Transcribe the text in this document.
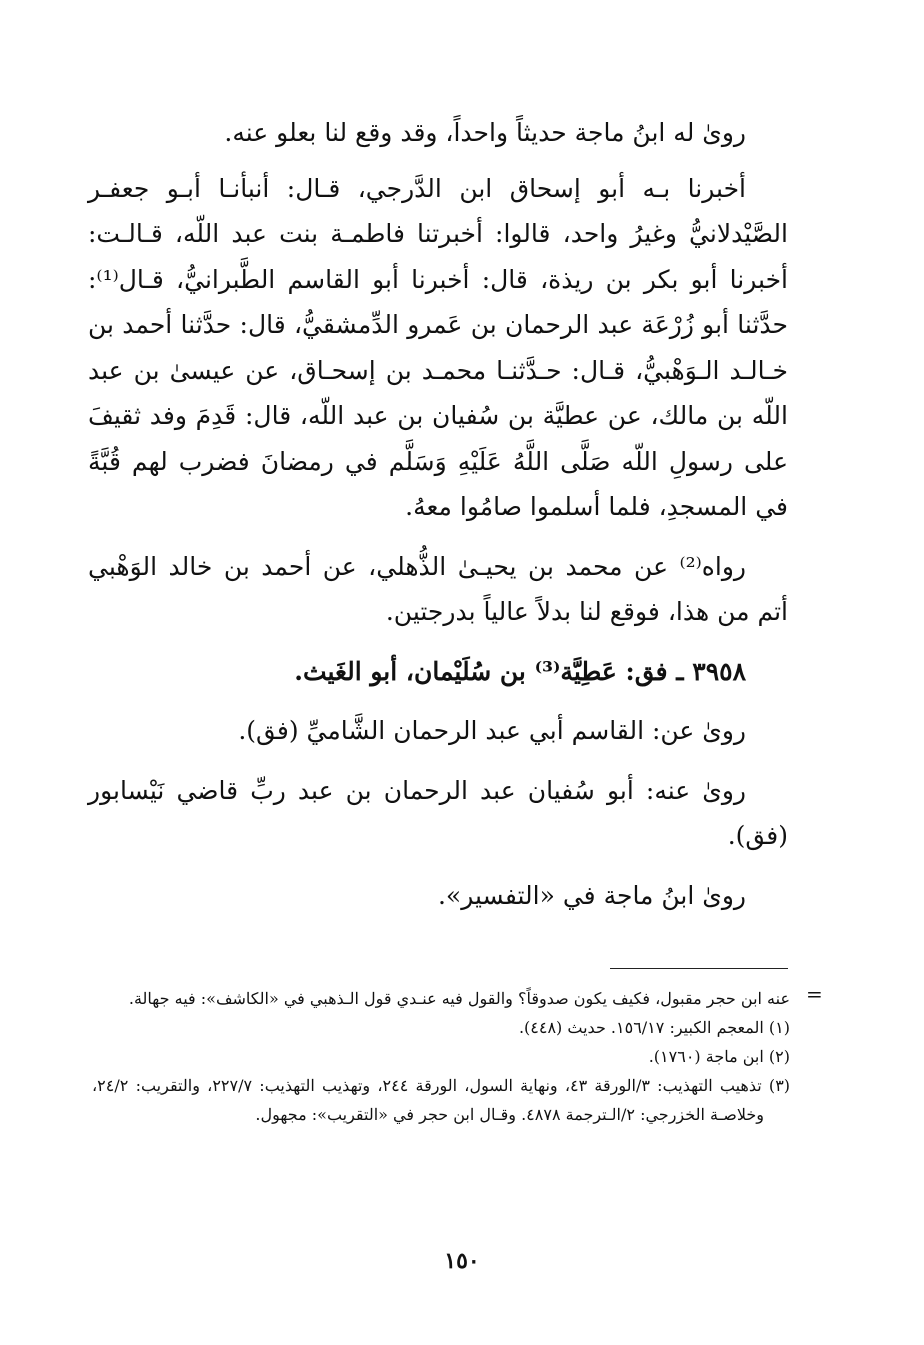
رویٰ له ابنُ ماجة حديثاً واحداً، وقد وقع لنا بعلو عنه.

أخبرنا بـه أبو إسحاق ابن الدَّرجي، قـال: أنبأنـا أبـو جعفـر الصَّيْدلانيُّ وغيرُ واحد، قالوا: أخبرتنا فاطمـة بنت عبد اللّه، قـالـت: أخبرنا أبو بكر بن ريذة، قال: أخبرنا أبو القاسم الطَّبرانيُّ، قـال⁽¹⁾: حدَّثنا أبو زُرْعَة عبد الرحمان بن عَمرو الدِّمشقيُّ، قال: حدَّثنا أحمد بن خـالـد الـوَهْبيُّ، قـال: حـدَّثنـا محمـد بن إسحـاق، عن عيسىٰ بن عبد اللّه بن مالك، عن عطيَّة بن سُفيان بن عبد اللّه، قال: قَدِمَ وفد ثقيفَ على رسولِ اللّه صَلَّى اللَّهُ عَلَيْهِ وَسَلَّم في رمضانَ فضرب لهم قُبَّةً في المسجدِ، فلما أسلموا صامُوا معهُ.

رواه⁽²⁾ عن محمد بن يحيـىٰ الذُّهلي، عن أحمد بن خالد الوَهْبي أتم من هذا، فوقع لنا بدلاً عالياً بدرجتين.

٣٩٥٨ ـ فق: عَطِيَّة⁽³⁾ بن سُلَيْمان، أبو الغَيث.

رویٰ عن: القاسم أبي عبد الرحمان الشَّاميِّ (فق).

رویٰ عنه: أبو سُفيان عبد الرحمان بن عبد ربِّ قاضي نَيْسابور (فق).

رویٰ ابنُ ماجة في «التفسير».

=

عنه ابن حجر مقبول، فكيف يكون صدوقاً؟ والقول فيه عنـدي قول الـذهبي في «الكاشف»: فيه جهالة.

(١) المعجم الكبير: ١٥٦/١٧. حديث (٤٤٨).

(٢) ابن ماجة (١٧٦٠).

(٣) تذهيب التهذيب: ٣/الورقة ٤٣، ونهاية السول، الورقة ٢٤٤، وتهذيب التهذيب: ٢٢٧/٧، والتقريب: ٢٤/٢، وخلاصـة الخزرجي: ٢/الـترجمة ٤٨٧٨. وقـال ابن حجر في «التقريب»: مجهول.

١٥٠
